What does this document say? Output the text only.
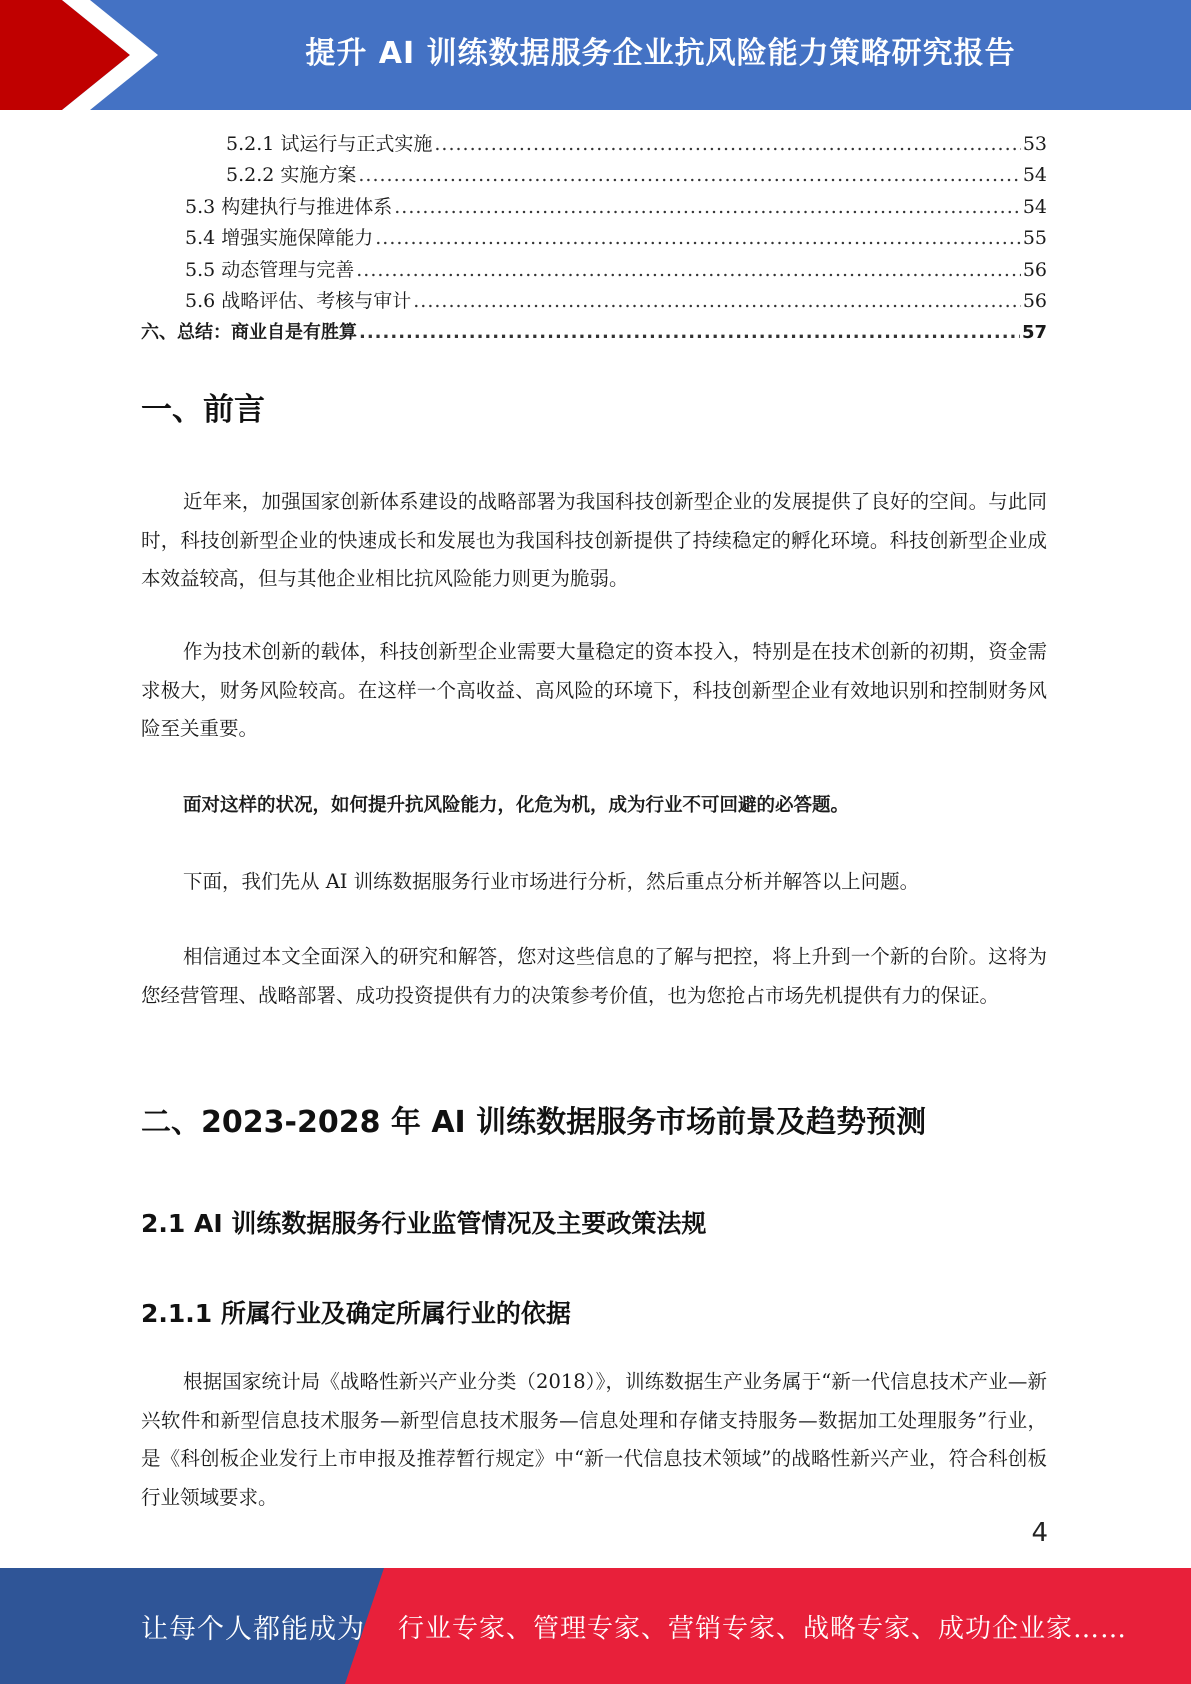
提升 AI 训练数据服务企业抗风险能力策略研究报告
5.2.1 试运行与正式实施 .....	53
5.2.2 实施方案 .....	54
5.3 构建执行与推进体系 .....	54
5.4 增强实施保障能力 .....	55
5.5 动态管理与完善 .....	56
5.6 战略评估、考核与审计 .....	56
六、总结：商业自是有胜算 .....	57
一、前言

近年来，加强国家创新体系建设的战略部署为我国科技创新型企业的发展提供了良好的空间。与此同时，科技创新型企业的快速成长和发展也为我国科技创新提供了持续稳定的孵化环境。科技创新型企业成本效益较高，但与其他企业相比抗风险能力则更为脆弱。

作为技术创新的载体，科技创新型企业需要大量稳定的资本投入，特别是在技术创新的初期，资金需求极大，财务风险较高。在这样一个高收益、高风险的环境下，科技创新型企业有效地识别和控制财务风险至关重要。

面对这样的状况，如何提升抗风险能力，化危为机，成为行业不可回避的必答题。

下面，我们先从 AI 训练数据服务行业市场进行分析，然后重点分析并解答以上问题。

相信通过本文全面深入的研究和解答，您对这些信息的了解与把控，将上升到一个新的台阶。这将为您经营管理、战略部署、成功投资提供有力的决策参考价值，也为您抢占市场先机提供有力的保证。

二、2023-2028 年 AI 训练数据服务市场前景及趋势预测
2.1 AI 训练数据服务行业监管情况及主要政策法规
2.1.1 所属行业及确定所属行业的依据

根据国家统计局《战略性新兴产业分类（2018）》，训练数据生产业务属于“新一代信息技术产业—新兴软件和新型信息技术服务—新型信息技术服务—信息处理和存储支持服务—数据加工处理服务”行业，是《科创板企业发行上市申报及推荐暂行规定》中“新一代信息技术领域”的战略性新兴产业，符合科创板行业领域要求。

4
让每个人都能成为 行业专家、管理专家、营销专家、战略专家、成功企业家……
